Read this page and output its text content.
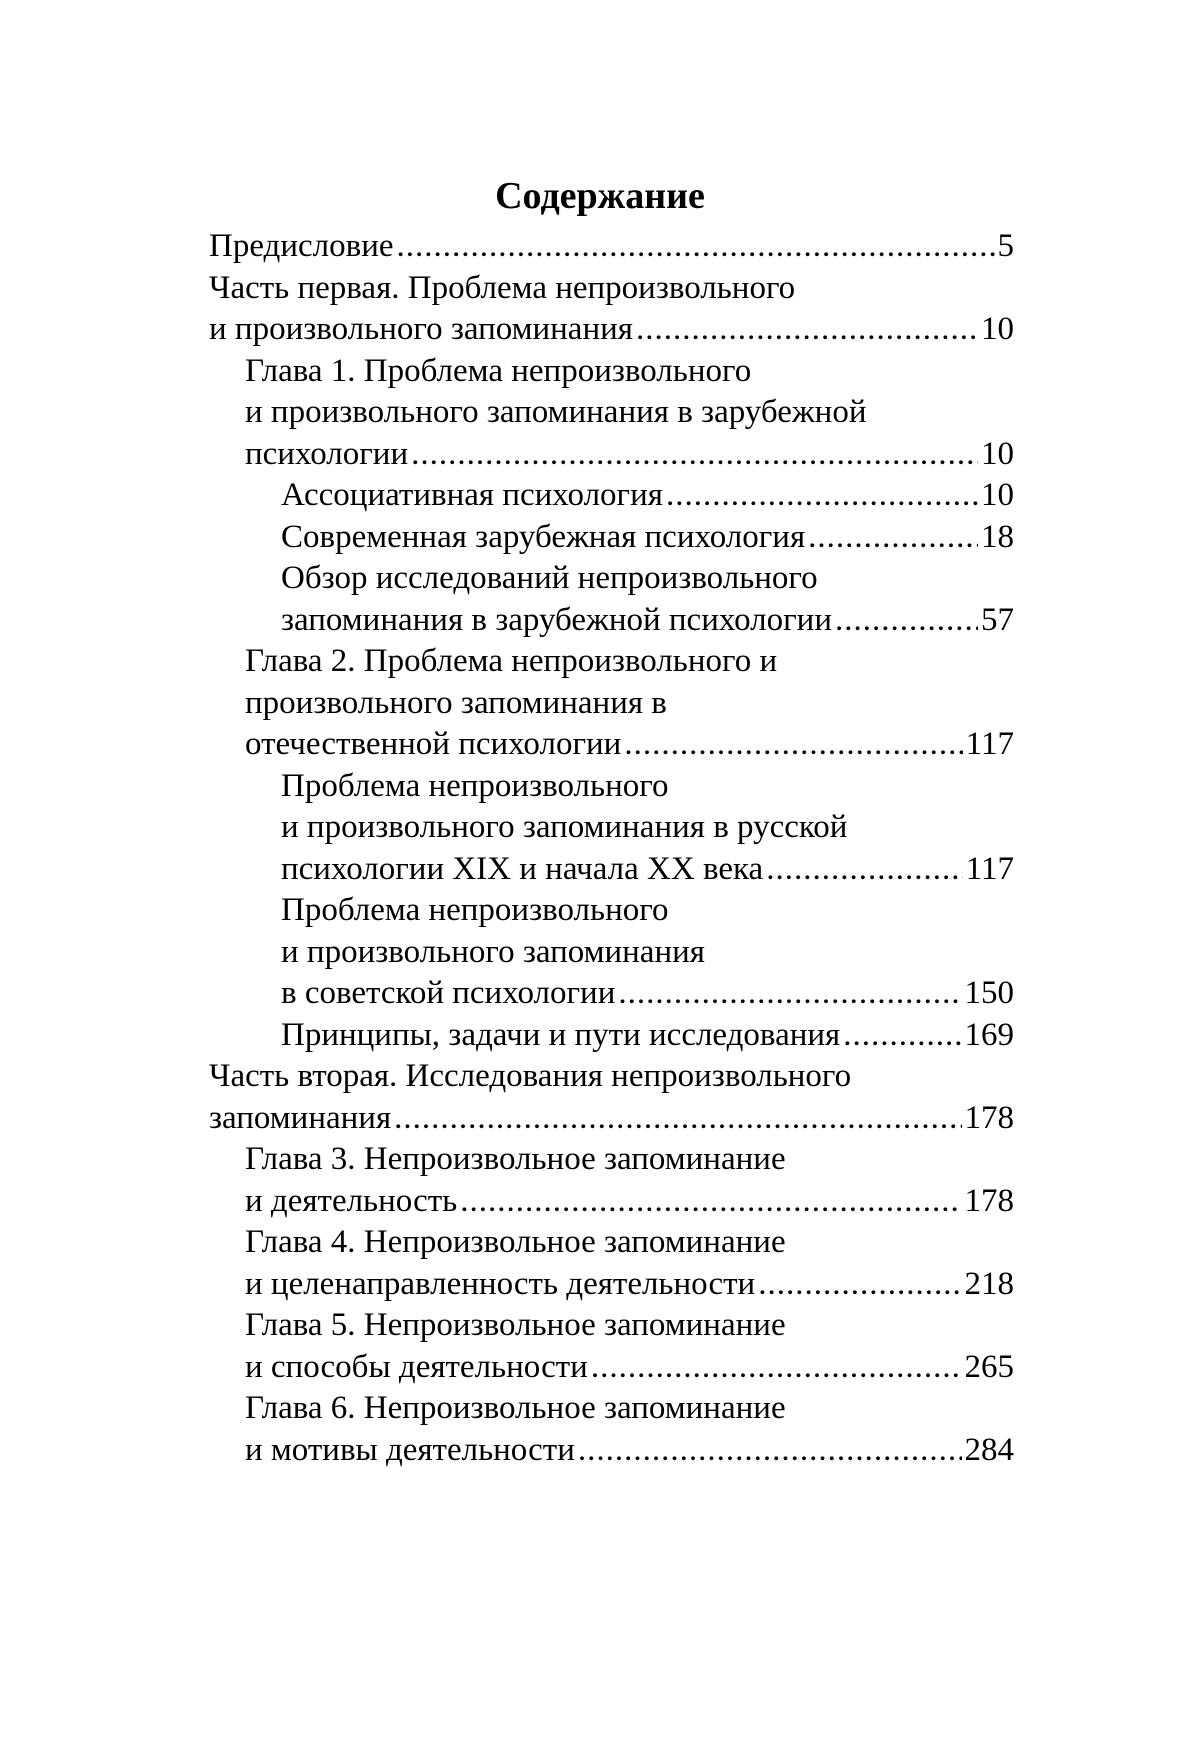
Содержание
Предисловие
.....	5
Часть первая. Проблема непроизвольного
и произвольного запоминания
.....	10
Глава 1. Проблема непроизвольного
и произвольного запоминания в зарубежной
психологии
.....	10
Ассоциативная психология
.....	10
Современная зарубежная психология
.....	18
Обзор исследований непроизвольного
запоминания в зарубежной психологии
.....	57
Глава 2. Проблема непроизвольного и
произвольного запоминания в
отечественной психологии
.....	117
Проблема непроизвольного
и произвольного запоминания в русской
психологии XIX и начала XX века
.....	117
Проблема непроизвольного
и произвольного запоминания
в советской психологии
.....	150
Принципы, задачи и пути исследования
.....	169
Часть вторая. Исследования непроизвольного
запоминания
.....	178
Глава 3. Непроизвольное запоминание
и деятельность
.....	178
Глава 4. Непроизвольное запоминание
и целенаправленность деятельности
.....	218
Глава 5. Непроизвольное запоминание
и способы деятельности
.....	265
Глава 6. Непроизвольное запоминание
и мотивы деятельности
.....	284
